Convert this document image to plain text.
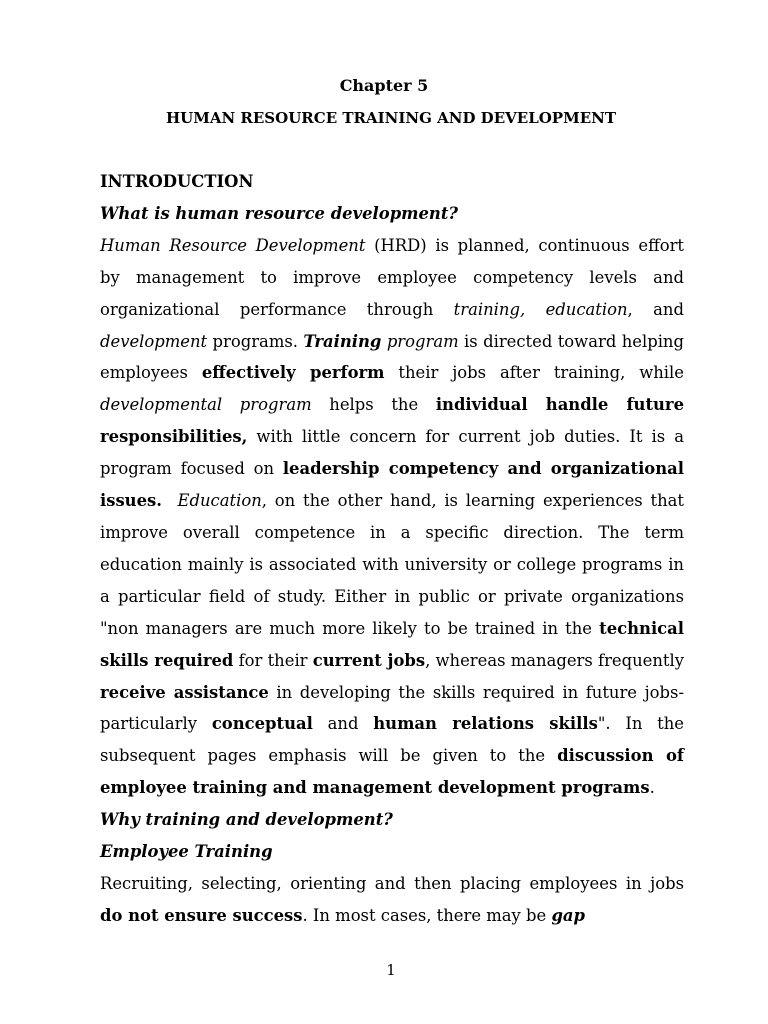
Chapter 5
HUMAN RESOURCE TRAINING AND DEVELOPMENT

INTRODUCTION

What is human resource development?

Human Resource Development (HRD) is planned, continuous effort by management to improve employee competency levels and organizational performance through training, education, and development programs. Training program is directed toward helping employees effectively perform their jobs after training, while developmental program helps the individual handle future responsibilities, with little concern for current job duties. It is a program focused on leadership competency and organizational issues. Education, on the other hand, is learning experiences that improve overall competence in a specific direction. The term education mainly is associated with university or college programs in a particular field of study. Either in public or private organizations "non managers are much more likely to be trained in the technical skills required for their current jobs, whereas managers frequently receive assistance in developing the skills required in future jobs-particularly conceptual and human relations skills". In the subsequent pages emphasis will be given to the discussion of employee training and management development programs.

Why training and development?

Employee Training

Recruiting, selecting, orienting and then placing employees in jobs do not ensure success. In most cases, there may be gap

1
